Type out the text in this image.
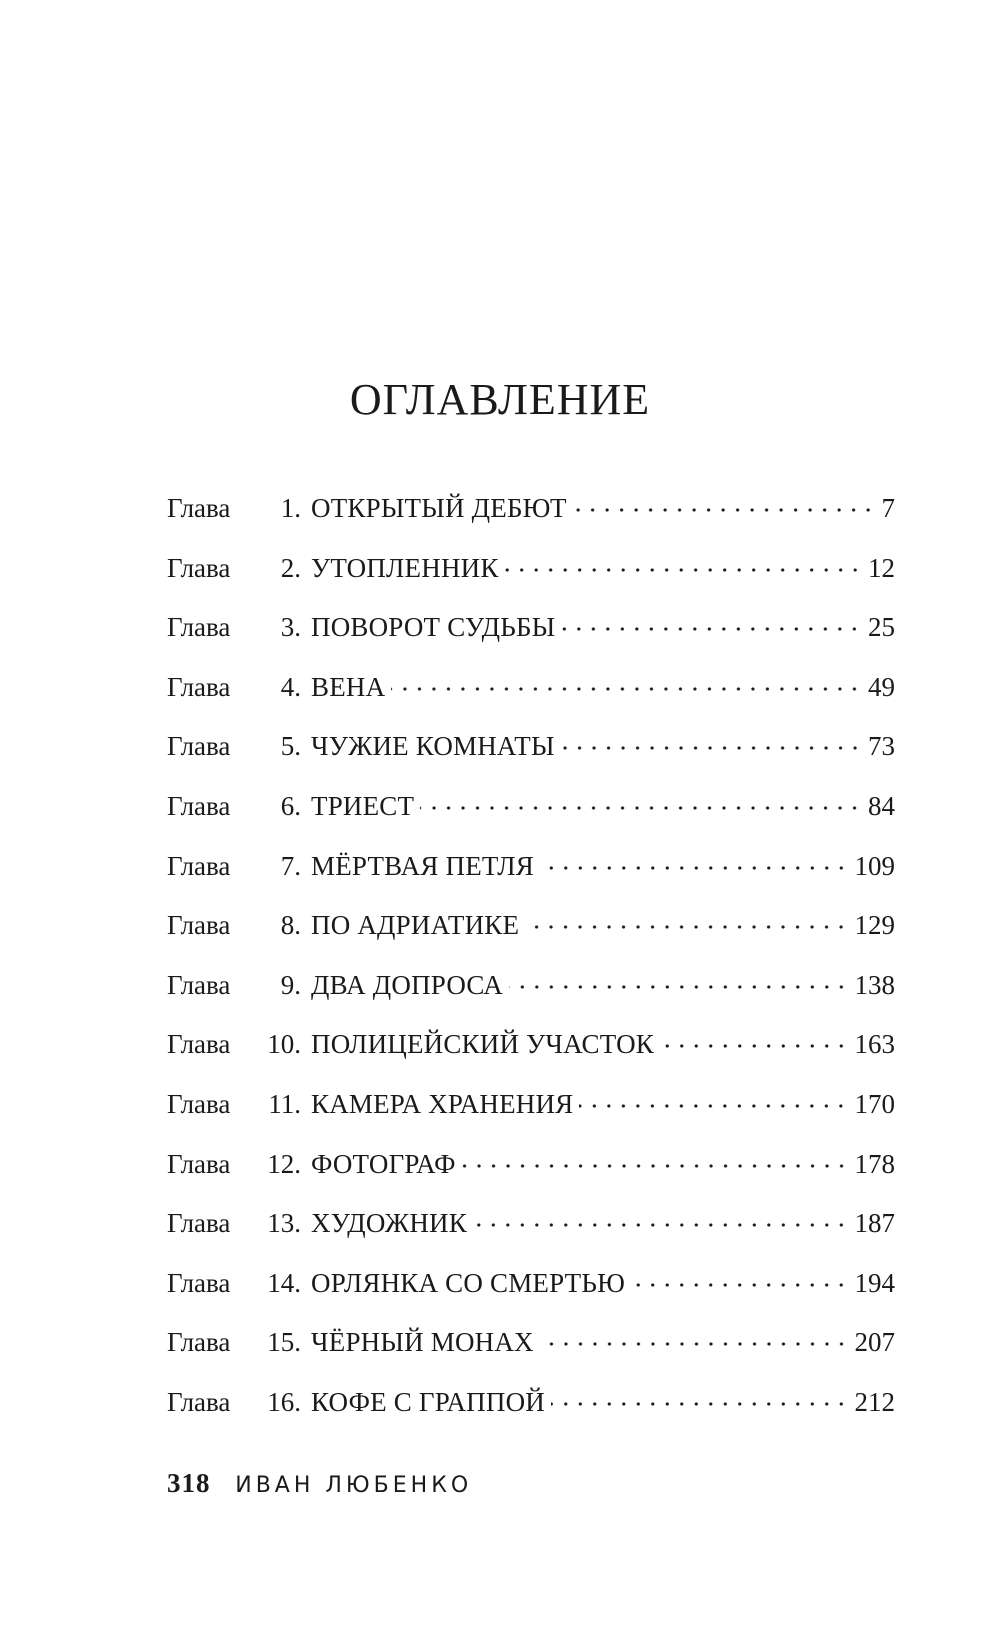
ОГЛАВЛЕНИЕ
Глава	1. ОТКРЫТЫЙ ДЕБЮТ	7
Глава	2. УТОПЛЕННИК	12
Глава	3. ПОВОРОТ СУДЬБЫ	25
Глава	4. ВЕНА	49
Глава	5. ЧУЖИЕ КОМНАТЫ	73
Глава	6. ТРИЕСТ	84
Глава	7. МЁРТВАЯ ПЕТЛЯ	109
Глава	8. ПО АДРИАТИКЕ	129
Глава	9. ДВА ДОПРОСА	138
Глава	10. ПОЛИЦЕЙСКИЙ УЧАСТОК	163
Глава	11. КАМЕРА ХРАНЕНИЯ	170
Глава	12. ФОТОГРАФ	178
Глава	13. ХУДОЖНИК	187
Глава	14. ОРЛЯНКА СО СМЕРТЬЮ	194
Глава	15. ЧЁРНЫЙ МОНАХ	207
Глава	16. КОФЕ С ГРАППОЙ	212
318 ИВАН ЛЮБЕНКО
